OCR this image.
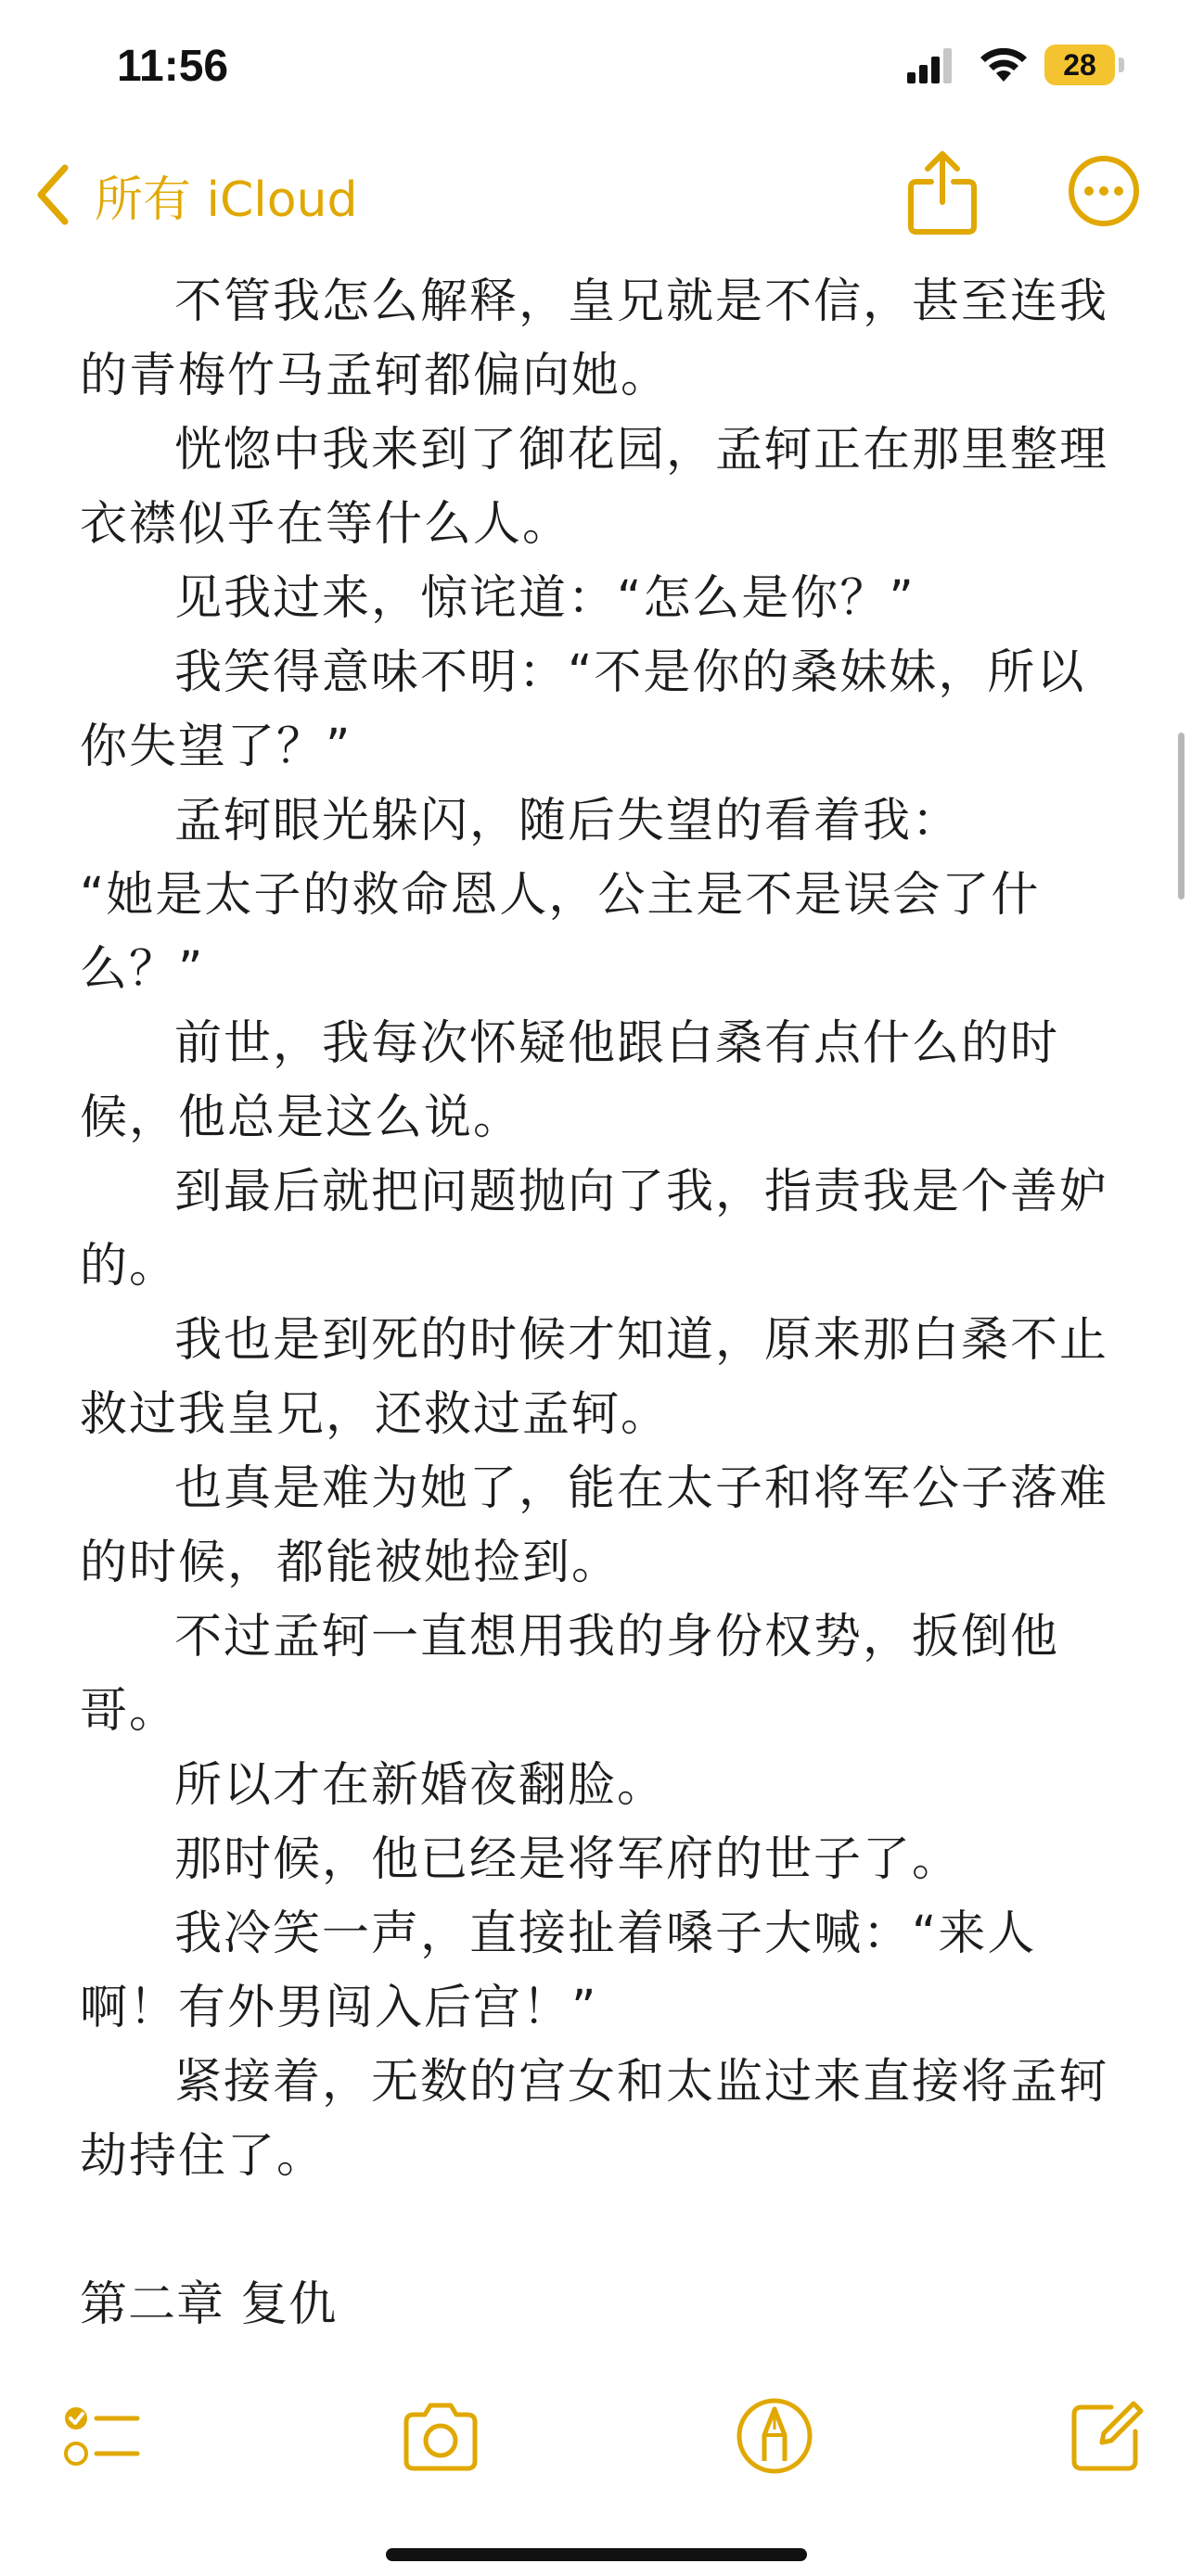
11:56	28

所有 iCloud

不管我怎么解释，皇兄就是不信，甚至连我的青梅竹马孟轲都偏向她。

恍惚中我来到了御花园，孟轲正在那里整理衣襟似乎在等什么人。

见我过来，惊诧道：“怎么是你？”

我笑得意味不明：“不是你的桑妹妹，所以你失望了？”

孟轲眼光躲闪，随后失望的看着我：

“她是太子的救命恩人，公主是不是误会了什么？”

前世，我每次怀疑他跟白桑有点什么的时候，他总是这么说。

到最后就把问题抛向了我，指责我是个善妒的。

我也是到死的时候才知道，原来那白桑不止救过我皇兄，还救过孟轲。

也真是难为她了，能在太子和将军公子落难的时候，都能被她捡到。

不过孟轲一直想用我的身份权势，扳倒他哥。

所以才在新婚夜翻脸。

那时候，他已经是将军府的世子了。

我冷笑一声，直接扯着嗓子大喊：“来人啊！有外男闯入后宫！”

紧接着，无数的宫女和太监过来直接将孟轲劫持住了。

第二章 复仇
